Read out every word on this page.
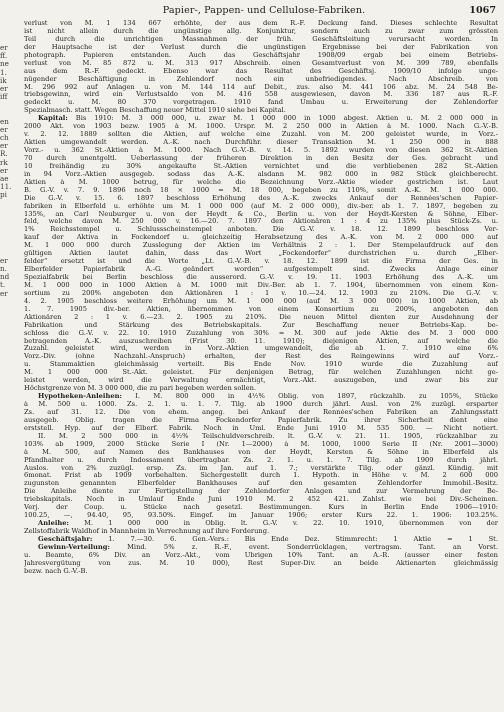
er
ff.
ne
1.
ik
er
iff
en
er
ch
er
R.
rk
er
ae
11.
pi
er
n.
nd
t.
er
Papier-, Pappen- und Cellulose-Fabriken.	1067
verlust von M. 1 134 667 erhöhte, der aus dem R.-F. Deckung fand. Dieses schlechte Resultat
ist nicht allein durch die ungünstige allg. Konjunktur, sondern auch zu zwar zum grössten
Teil durch die unrichtigen Massnahmen der früh. Geschäftsleitung verursacht worden. In
der Hauptsache ist der Verlust durch die ungünstigen Ergebnisse bei der Fabrikation von
photograph. Papieren entstanden. Auch das Geschäftsjahr 1908/09 ergab bei einem Betriebs-
verlust von M. 85 872 u. M. 313 917 Abschreib. einen Gesamtverlust von M. 399 789, ebenfalls
aus dem R.-F. gedeckt. Ebenso war das Resultat des Geschäftsj. 1909/10 infolge unge-
nügender Beschäftigung in Zehlendorf noch ein unbefriedigendes. Nach Abschreib. von
M. 296 992 auf Anlagen u. von M. 144 114 auf Debit., zus. also M. 441 106 abz. M. 24 548 Be-
triebsgewinn, wird ein Verlustsaldo von M. 416 558 ausgewiesen, davon M. 336 187 aus R.-F.
gedeckt u. M. 80 370 vorgetragen. 1910 fand Umbau u. Erweiterung der Zehlendorfer
Spezialmasch. statt. Wegen Beschaffung neuer Mittel 1910 siehe bei Kapital.
Kapital: Bis 1910: M. 3 000 000, u. zwar M. 1 000 000 in 1000 abgest. Aktien u. M. 2 000 000 in
2000 Akt. von 1903 bezw. 1905 à M. 1000. Urspr. M. 2 250 000 in Aktien à M. 1000. Nach G.-V.-B.
v. 2. 12. 1889 sollten die Aktien, auf welche eine Zuzahl. von M. 200 geleistet wurde, in Vorz.-
Aktien umgewandelt werden. A.-K. nach Durchführ. dieser Transaktion M. 1 250 000 in 888
Vorz.- u. 362 St.-Aktien à M. 1000. Nach G.-V.-B. v. 14. 5. 1892 wurden von diesen 362 St.-Aktien
70 durch unentgeltl. Ueberlassung der früheren Direktion in den Besitz der Ges. gebracht und
10 freihändig zu 30% angekaufte St.-Aktien vernichtet und die verbliebenen 282 St.-Aktien
in 94 Vorz.-Aktien ausgegeb. sodass das A.-K. alsdann M. 982 000 in 982 Stück gleichberecht.
Aktien à M. 1000 betrug, für welche die Bezeichnung Vorz.-Aktie wieder gestrichen ist. Laut
B. G.-V. v. 7. 9. 1896 noch 18 × 1000 = M. 18 000, begeben zu 110%, somit A.-K. M. 1 000 000.
Die G.-V. v. 15. 6. 1897 beschloss Erhöhung des A.-K. zwecks Ankauf der Rennées'schen Papier-
fabriken in Elberfeld u. erhöhte um M. 1 000 000 (auf M. 2 000 000), div.-ber. ab 1. 7. 1897, begeben zu
135%, an Carl Neuburger u. von der Heydt & Co., Berlin u. von der Heydt-Kersten & Söhne, Elber-
feld, welche davon M. 250 000 v. 16.—20. 7. 1897 den Aktionären 1 : 4 zu 135% plus Stück-Zs. u.
1% Reichsstempel u. Schlussscheinstempel anboten. Die G.-V. v. 18. 12. 1899 beschloss Ver-
kauf der Aktiva in Fockendorf u. gleichzeitig Herabsetzung des A.-K. von M. 2 000 000 auf
M. 1 000 000 durch Zusslegung der Aktien im Verhältnis 2 : 1. Der Stempelaufdruck auf den
gültigen Aktien lautet dahin, dass das Wort „Fockendorfer“ durchstrichen u. durch „Elber-
felder“ ersetzt ist und die Worte „Lt. G.-V.-B. v. 18. 12. 1899 ist die Firma der Ges. in
Elberfelder Papierfabrik A.-G. geändert worden“ aufgestempelt sind. Zwecks Anlage einer
Spezialfabrik bei Berlin beschloss die ausserord. G.-V. v. 19. 11. 1903 Erhöhung des A.-K. um
M. 1 000 000 in 1000 Aktien à M. 1000 mit Div.-Ber. ab 1. 7. 1904, übernommen von einem Kon-
sortium zu 200% angeboten den Aktionären 1 : 1 v. 10.—24. 12. 1903 zu 210%. Die G.-V. v.
4. 2. 1905 beschloss weitere Erhöhung um M. 1 000 000 (auf M. 3 000 000) in 1000 Aktien, ab
1. 7. 1905 div.-ber. Aktien, übernommen von einem Konsortium zu 200%, angeboten den
Aktionären 2 : 1 v. 6.—23. 2. 1905 zu 210%. Die neuen Mittel dienten zur Ausdehnung der
Fabrikation und Stärkung des Betriebskapitals. Zur Beschaffung neuer Betriebs-Kap. be-
schloss die G.-V. v. 22. 10. 1910 Zuzahlung von 30% = M. 300 auf jede Aktie des M. 3 000 000
betragenden A.-K. auszuschreiben (Frist 30. 11. 1910); diejenigen Aktien, auf welche die
Zuzahl. geleistet wird, werden in Vorz.-Aktien umgewandelt, die ab 1. 7. 1910 eine 6%
Vorz.-Div. (ohne Nachzahl.-Anspruch) erhalten, der Rest des Reingewinns wird auf Vorz.-
u. Stammaktien gleichmässig verteilt. Bis Ende Nov. 1910 wurde die Zuzahlung auf
M. 1 000 000 St.-Akt. geleistet. Für denjenigen Betrag, für welchen Zuzahlungen nicht ge-
leistet werden, wird die Verwaltung ermächtigt, Vorz.-Akt. auszugeben, und zwar bis zur
Höchstgrenze von M. 3 000 000, die zu pari begeben werden sollen.
Hypotheken-Anleihen: I. M. 800 000 in 4½% Oblig. von 1897, rückzahlb. zu 105%, Stücke
à M. 500 u. 1000. Zs. 2. 1. u. 1. 7. Tilg. ab 1900 durch jährl. Ausl. von 2% zuzügl. ersparter
Zs. auf 31. 12. Die von ehem. angeg. bei Ankauf der Rennées'schen Fabriken an Zahlungsstatt
ausgegeb. Oblig. tragen die Firma Fockendorfer Papierfabrik. Zu ihrer Sicherheit dient eine
erststell. Hyp. auf der Elberf. Fabrik. Noch in Uml. Ende Juni 1910 M. 535 500. — Nicht notiert.
II. M. 2 500 000 in 4½% Teilschuldverschreib. lt. G.-V. v. 21. 11. 1905, rückzahlbar zu
103% ab 1909, 2000 Stücke Serie I (Nr. 1—2000) à M. 1000, 1000 Serie II (Nr. 2001—3000)
à M. 500, auf Namen des Bankhauses von der Heydt, Kersten & Söhne in Elberfeld als
Pfandhalter u. durch Indossament übertragbar. Zs. 2. 1. u. 1. 7. Tilg. ab 1909 durch jährl.
Auslos. von 2% zuzügl. ersp. Zs. im Jan. auf 1. 7.; verstärkte Tilg. oder gänzl. Kündig. mit
6monat. Frist ab 1909 vorbehalten. Sichergestellt durch 1. Hypoth. in Höhe v. M. 2 600 000
zugunsten genannten Elberfelder Bankhauses auf den gesamten Zehlendorfer Immobil.-Besitz.
Die Anleihe diente zur Fertigstellung der Zehlendorfer Anlagen und zur Vermehrung der Be-
triebskapitals. Noch in Umlauf Ende Juni 1910 M. 2 452 421. Zahlst. wie bei Div.-Scheinen.
Verj. der Coup. u. Stücke nach gesetzl. Bestimmungen. Kurs in Berlin Ende 1906—1910:
100.25, —, 94.40, 95, 93.50%. Eingef. im Januar 1906; erster Kurs 22. 1. 1906: 103.25%.
Anleihe: M. 1 000 000 in Oblig. lt. G.-V. v. 22. 10. 1910, übernommen von der
Zellstoffabrik Waldhof in Mannheim in Verrechnung auf ihre Forderung.
Geschäftsjahr: 1. 7.—30. 6. Gen.-Vers.: Bis Ende Dez. Stimmrecht: 1 Aktie = 1 St.
Gewinn-Verteilung: Mind. 5% z. R.-F., event. Sonderrücklagen, vertragsm. Tant. an Vorst.
u. Beamte, 6% Div. an Vorz.-Akt., vom Übrigen 10% Tant. an A.-R. (ausser einer festen
Jahresvergütung von zus. M. 10 000), Rest Super-Div. an beide Aktienarten gleichmässig
bezw. nach G.-V.-B.
